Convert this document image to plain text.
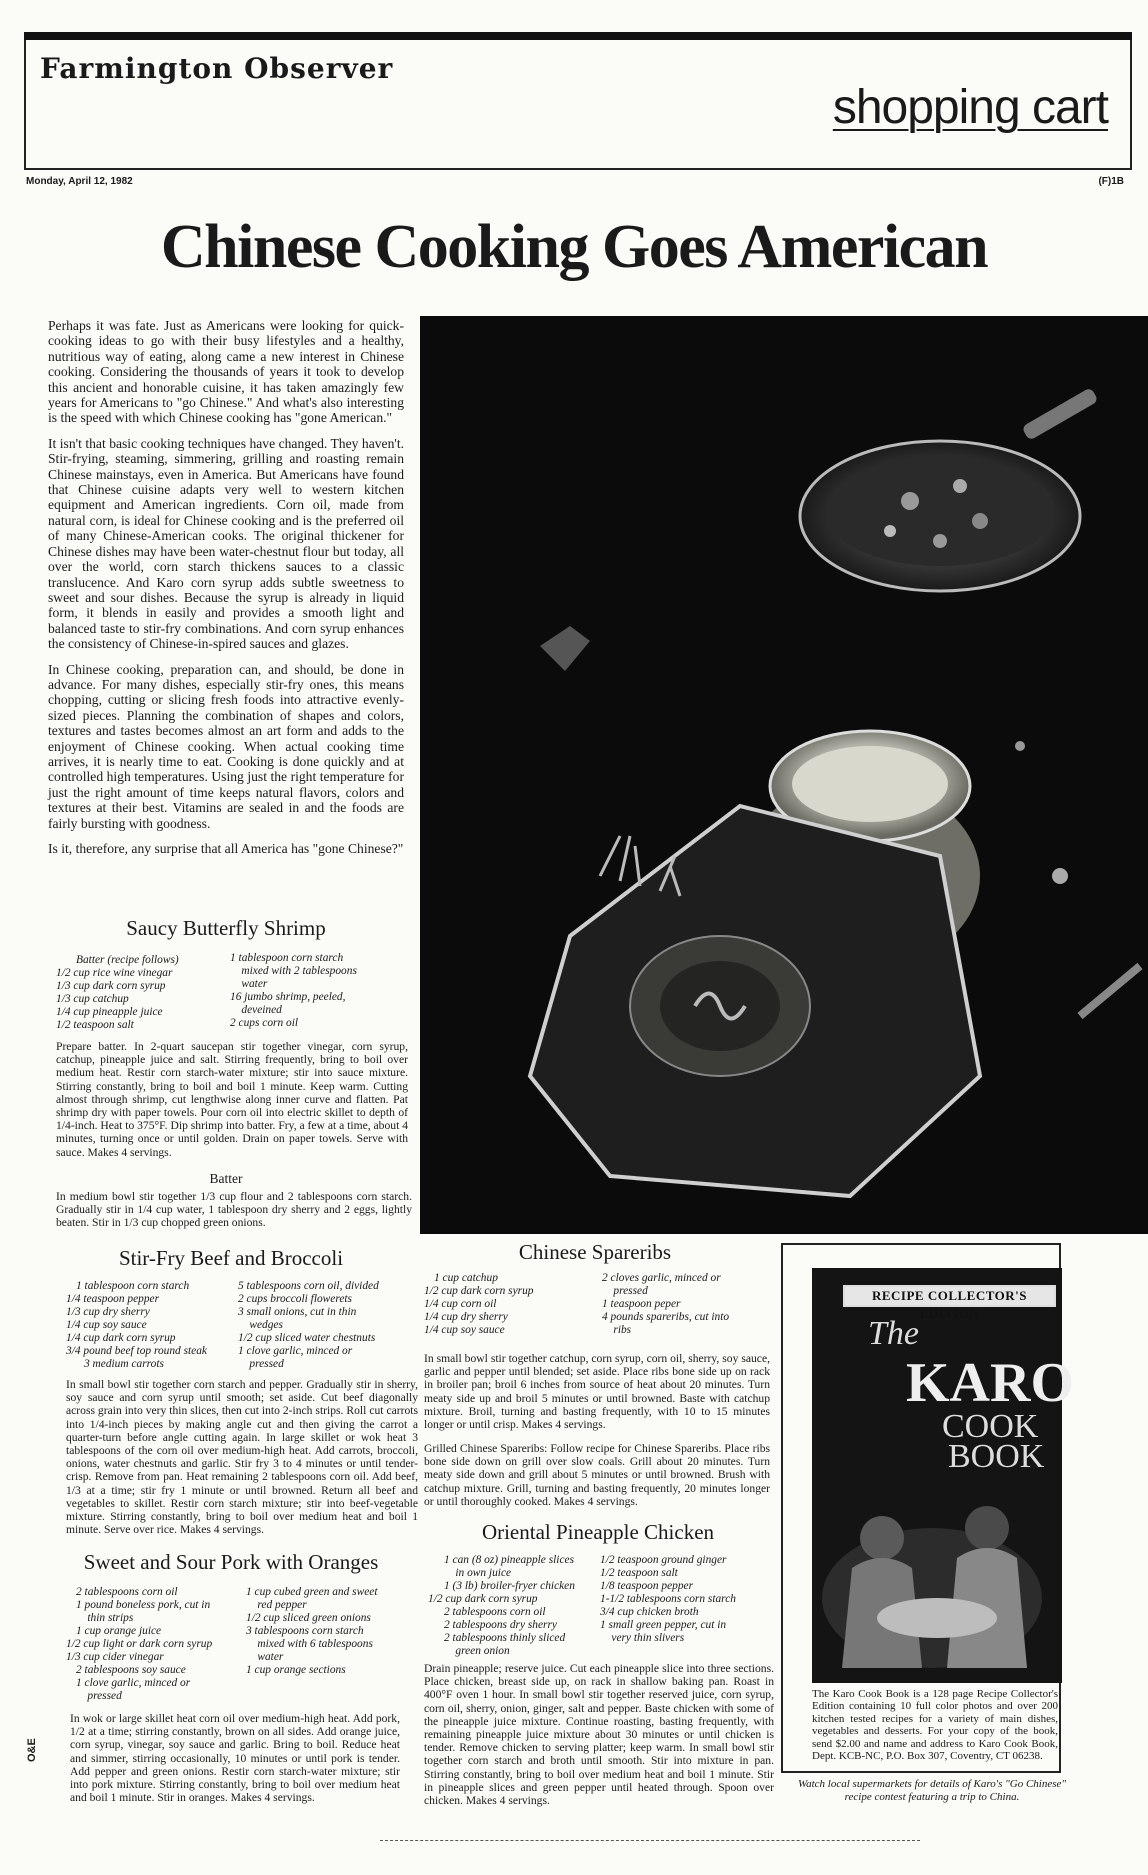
Farmington Observer
shopping cart
Monday, April 12, 1982	(F)1B
Chinese Cooking Goes American

Perhaps it was fate. Just as Americans were looking for quick-cooking ideas to go with their busy lifestyles and a healthy, nutritious way of eating, along came a new interest in Chinese cooking. Considering the thousands of years it took to develop this ancient and honorable cuisine, it has taken amazingly few years for Americans to "go Chinese." And what's also interesting is the speed with which Chinese cooking has "gone American."

It isn't that basic cooking techniques have changed. They haven't. Stir-frying, steaming, simmering, grilling and roasting remain Chinese mainstays, even in America. But Americans have found that Chinese cuisine adapts very well to western kitchen equipment and American ingredients. Corn oil, made from natural corn, is ideal for Chinese cooking and is the preferred oil of many Chinese-American cooks. The original thickener for Chinese dishes may have been water-chestnut flour but today, all over the world, corn starch thickens sauces to a classic translucence. And Karo corn syrup adds subtle sweetness to sweet and sour dishes. Because the syrup is already in liquid form, it blends in easily and provides a smooth light and balanced taste to stir-fry combinations. And corn syrup enhances the consistency of Chinese-in-spired sauces and glazes.

In Chinese cooking, preparation can, and should, be done in advance. For many dishes, especially stir-fry ones, this means chopping, cutting or slicing fresh foods into attractive evenly-sized pieces. Planning the combination of shapes and colors, textures and tastes becomes almost an art form and adds to the enjoyment of Chinese cooking. When actual cooking time arrives, it is nearly time to eat. Cooking is done quickly and at controlled high temperatures. Using just the right temperature for just the right amount of time keeps natural flavors, colors and textures at their best. Vitamins are sealed in and the foods are fairly bursting with goodness.

Is it, therefore, any surprise that all America has "gone Chinese?"

Saucy Butterfly Shrimp
Batter (recipe follows)
1/2 cup rice wine vinegar
1/3 cup dark corn syrup
1/3 cup catchup
1/4 cup pineapple juice
1/2 teaspoon salt
1 tablespoon corn starch
mixed with 2 tablespoons
water
16 jumbo shrimp, peeled,
deveined
2 cups corn oil
Prepare batter. In 2-quart saucepan stir together vinegar, corn syrup, catchup, pineapple juice and salt. Stirring frequently, bring to boil over medium heat. Restir corn starch-water mixture; stir into sauce mixture. Stirring constantly, bring to boil and boil 1 minute. Keep warm. Cutting almost through shrimp, cut lengthwise along inner curve and flatten. Pat shrimp dry with paper towels. Pour corn oil into electric skillet to depth of 1/4-inch. Heat to 375°F. Dip shrimp into batter. Fry, a few at a time, about 4 minutes, turning once or until golden. Drain on paper towels. Serve with sauce. Makes 4 servings.
Batter
In medium bowl stir together 1/3 cup flour and 2 tablespoons corn starch. Gradually stir in 1/4 cup water, 1 tablespoon dry sherry and 2 eggs, lightly beaten. Stir in 1/3 cup chopped green onions.
Stir-Fry Beef and Broccoli
1 tablespoon corn starch
1/4 teaspoon pepper
1/3 cup dry sherry
1/4 cup soy sauce
1/4 cup dark corn syrup
3/4 pound beef top round steak
3 medium carrots
5 tablespoons corn oil, divided
2 cups broccoli flowerets
3 small onions, cut in thin
wedges
1/2 cup sliced water chestnuts
1 clove garlic, minced or
pressed
In small bowl stir together corn starch and pepper. Gradually stir in sherry, soy sauce and corn syrup until smooth; set aside. Cut beef diagonally across grain into very thin slices, then cut into 2-inch strips. Roll cut carrots into 1/4-inch pieces by making angle cut and then giving the carrot a quarter-turn before angle cutting again. In large skillet or wok heat 3 tablespoons of the corn oil over medium-high heat. Add carrots, broccoli, onions, water chestnuts and garlic. Stir fry 3 to 4 minutes or until tender-crisp. Remove from pan. Heat remaining 2 tablespoons corn oil. Add beef, 1/3 at a time; stir fry 1 minute or until browned. Return all beef and vegetables to skillet. Restir corn starch mixture; stir into beef-vegetable mixture. Stirring constantly, bring to boil over medium heat and boil 1 minute. Serve over rice. Makes 4 servings.
Sweet and Sour Pork with Oranges
2 tablespoons corn oil
1 pound boneless pork, cut in
thin strips
1 cup orange juice
1/2 cup light or dark corn syrup
1/3 cup cider vinegar
2 tablespoons soy sauce
1 clove garlic, minced or
pressed
1 cup cubed green and sweet
red pepper
1/2 cup sliced green onions
3 tablespoons corn starch
mixed with 6 tablespoons
water
1 cup orange sections
In wok or large skillet heat corn oil over medium-high heat. Add pork, 1/2 at a time; stirring constantly, brown on all sides. Add orange juice, corn syrup, vinegar, soy sauce and garlic. Bring to boil. Reduce heat and simmer, stirring occasionally, 10 minutes or until pork is tender. Add pepper and green onions. Restir corn starch-water mixture; stir into pork mixture. Stirring constantly, bring to boil over medium heat and boil 1 minute. Stir in oranges. Makes 4 servings.
Chinese Spareribs
1 cup catchup
1/2 cup dark corn syrup
1/4 cup corn oil
1/4 cup dry sherry
1/4 cup soy sauce
2 cloves garlic, minced or
pressed
1 teaspoon peper
4 pounds spareribs, cut into
ribs
In small bowl stir together catchup, corn syrup, corn oil, sherry, soy sauce, garlic and pepper until blended; set aside. Place ribs bone side up on rack in broiler pan; broil 6 inches from source of heat about 20 minutes. Turn meaty side up and broil 5 minutes or until browned. Baste with catchup mixture. Broil, turning and basting frequently, with 10 to 15 minutes longer or until crisp. Makes 4 servings.
Grilled Chinese Spareribs: Follow recipe for Chinese Spareribs. Place ribs bone side down on grill over slow coals. Grill about 20 minutes. Turn meaty side down and grill about 5 minutes or until browned. Brush with catchup mixture. Grill, turning and basting frequently, 20 minutes longer or until thoroughly cooked. Makes 4 servings.
Oriental Pineapple Chicken
1 can (8 oz) pineapple slices
in own juice
1 (3 lb) broiler-fryer chicken
1/2 cup dark corn syrup
2 tablespoons corn oil
2 tablespoons dry sherry
2 tablespoons thinly sliced
green onion
1/2 teaspoon ground ginger
1/2 teaspoon salt
1/8 teaspoon pepper
1-1/2 tablespoons corn starch
3/4 cup chicken broth
1 small green pepper, cut in
very thin slivers
Drain pineapple; reserve juice. Cut each pineapple slice into three sections. Place chicken, breast side up, on rack in shallow baking pan. Roast in 400°F oven 1 hour. In small bowl stir together reserved juice, corn syrup, corn oil, sherry, onion, ginger, salt and pepper. Baste chicken with some of the pineapple juice mixture. Continue roasting, basting frequently, with remaining pineapple juice mixture about 30 minutes or until chicken is tender. Remove chicken to serving platter; keep warm. In small bowl stir together corn starch and broth until smooth. Stir into mixture in pan. Stirring constantly, bring to boil over medium heat and boil 1 minute. Stir in pineapple slices and green pepper until heated through. Spoon over chicken. Makes 4 servings.
RECIPE COLLECTOR'S EDITION
The
KARO
COOK
BOOK
The Karo Cook Book is a 128 page Recipe Collector's Edition containing 10 full color photos and over 200 kitchen tested recipes for a variety of main dishes, vegetables and desserts. For your copy of the book, send $2.00 and name and address to Karo Cook Book, Dept. KCB-NC, P.O. Box 307, Coventry, CT 06238.
Watch local supermarkets for details of Karo's "Go Chinese" recipe contest featuring a trip to China.
O&E
